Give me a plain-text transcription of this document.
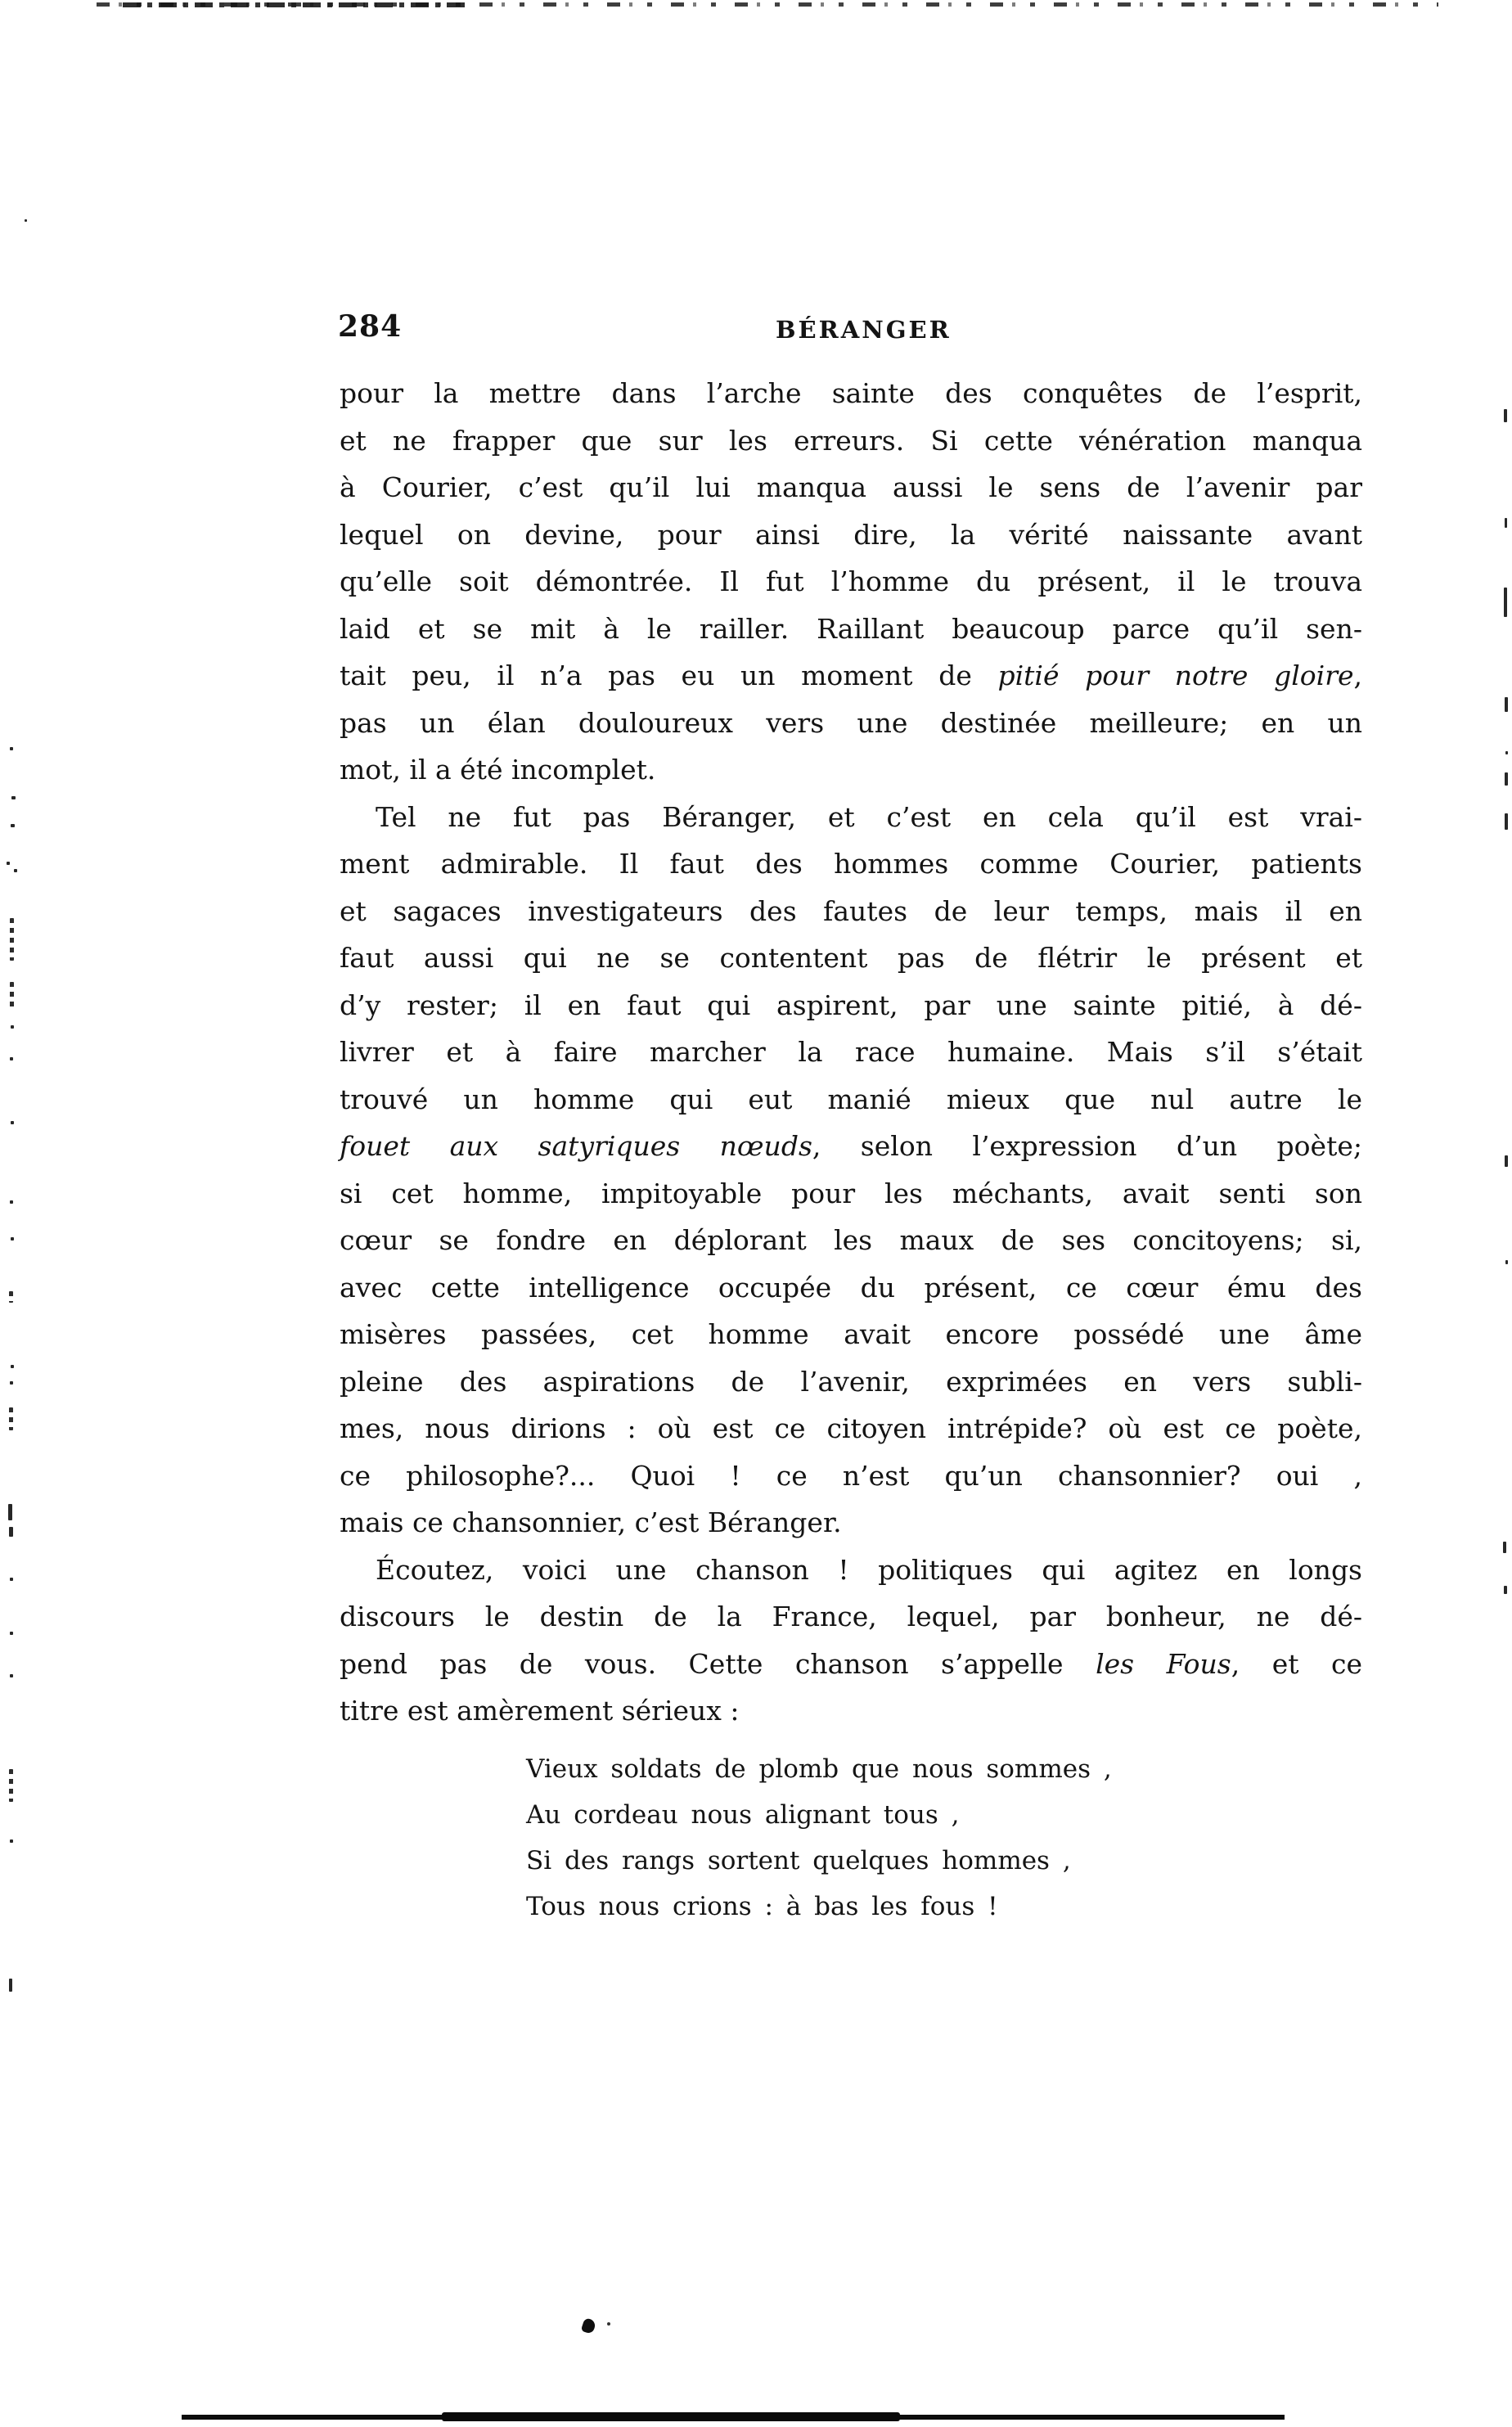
284	BÉRANGER
pour la mettre dans l’arche sainte des conquêtes de l’esprit,
et ne frapper que sur les erreurs. Si cette vénération manqua
à Courier, c’est qu’il lui manqua aussi le sens de l’avenir par
lequel on devine, pour ainsi dire, la vérité naissante avant
qu’elle soit démontrée. Il fut l’homme du présent, il le trouva
laid et se mit à le railler. Raillant beaucoup parce qu’il sen-
tait peu, il n’a pas eu un moment de pitié pour notre gloire,
pas un élan douloureux vers une destinée meilleure; en un
mot, il a été incomplet.
Tel ne fut pas Béranger, et c’est en cela qu’il est vrai-
ment admirable. Il faut des hommes comme Courier, patients
et sagaces investigateurs des fautes de leur temps, mais il en
faut aussi qui ne se contentent pas de flétrir le présent et
d’y rester; il en faut qui aspirent, par une sainte pitié, à dé-
livrer et à faire marcher la race humaine. Mais s’il s’était
trouvé un homme qui eut manié mieux que nul autre le
fouet aux satyriques nœuds, selon l’expression d’un poète;
si cet homme, impitoyable pour les méchants, avait senti son
cœur se fondre en déplorant les maux de ses concitoyens; si,
avec cette intelligence occupée du présent, ce cœur ému des
misères passées, cet homme avait encore possédé une âme
pleine des aspirations de l’avenir, exprimées en vers subli-
mes, nous dirions : où est ce citoyen intrépide? où est ce poète,
ce philosophe?... Quoi ! ce n’est qu’un chansonnier? oui ,
mais ce chansonnier, c’est Béranger.
Écoutez, voici une chanson ! politiques qui agitez en longs
discours le destin de la France, lequel, par bonheur, ne dé-
pend pas de vous. Cette chanson s’appelle les Fous, et ce
titre est amèrement sérieux :
Vieux soldats de plomb que nous sommes ,
Au cordeau nous alignant tous ,
Si des rangs sortent quelques hommes ,
Tous nous crions : à bas les fous !
